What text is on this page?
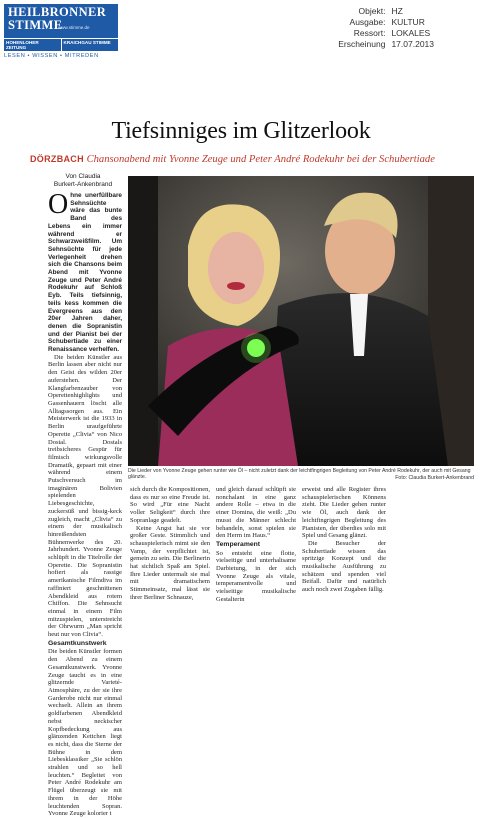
HEILBRONNER
STIMME
www.stimme.de
HOHENLOHER ZEITUNG
KRAICHGAU STIMME
LESEN • WISSEN • MITREDEN
Objekt: HZ
Ausgabe: KULTUR
Ressort: LOKALES
Erscheinung 17.07.2013
Tiefsinniges im Glitzerlook
DÖRZBACH Chansonabend mit Yvonne Zeuge und Peter André Rodekuhr bei der Schubertiade
Von Claudia
Burkert-Ankenbrand

O hne unerfüllbare Sehnsüchte wäre das bunte Band des Lebens ein immer während er Schwarzweißfilm. Um Sehnsüchte für jede Verlegenheit drehen sich die Chansons beim Abend mit Yvonne Zeuge und Peter André Rodekuhr auf Schloß Eyb. Teils tiefsinnig, teils kess kommen die Evergreens aus den 20er Jahren daher, denen die Sopranistin und der Pianist bei der Schubertiade zu einer Renaissance verhelfen.

Die beiden Künstler aus Berlin lassen aber nicht nur den Geist des wilden 20er auferstehen. Der Klangfarbenzauber von Operettenhighlights und Gassenhauern löscht alle Alltagssorgen aus. Ein Meisterwerk ist die 1933 in Berlin uraufgeführte Operette „Clivia“ von Nico Dostal. Dostals treibsicheres Gespür für filmisch wirkungsvolle Dramatik, gepaart mit einer während einem Putschversuch im imaginären Bolivien spielenden Liebesgeschichte, zuckersüß und bissig-keck zugleich, macht „Clivia“ zu einem der musikalisch hinreißendsten Bühnenwerke des 20. Jahrhundert. Yvonne Zeuge schlüpft in die Titelrolle der Operette. Die Sopranistin hofiert als rassige amerikanische Filmdiva im raffiniert geschnittenen Abendkleid aus rotem Chiffon. Die Sehnsucht einmal in einem Film mitzuspielen, unterstreicht der Ohrwurm „Man spricht heut nur von Clivia“.

Gesamtkunstwerk

Die beiden Künstler formen den Abend zu einem Gesamtkunstwerk. Yvonne Zeuge taucht es in eine glitzernde Varieté-Atmosphäre, zu der sie ihre Garderobe nicht nur einmal wechselt. Allein an ihrem goldfarbenen Abendkleid nebst neckischer Kopfbedeckung aus glänzenden Kettchen liegt es nicht, dass die Sterne der Bühne in dem Liebesklassiker „Sie schlön strahlen und so hell leuchten.“ Begleitet von Peter André Rodekuhr am Flügel überzeugt sie mit ihrem in der Höhe leuchtenden Sopran. Yvonne Zeuge kolorier t

Die Lieder von Yvonne Zeuge gehen runter wie Öl – nicht zuletzt dank der leichtfingrigen Begleitung von Peter André Rodekuhr, der auch mit Gesang glänzte.	Foto: Claudia Burkert-Ankenbrand

sich durch die Kompositionen, dass es nur so eine Freude ist. So wird „Für eine Nacht voller Seligkeit“ durch ihre Sopranlage geadelt.

Keine Angst hat sie vor großer Geste. Stimmlich und schauspielerisch mimt sie den Vamp, der verpflichtet ist, gemein zu sein. Die Berlinerin hat sichtlich Spaß am Spiel. Ihre Lieder untermalt sie mal mit dramatischem Stimmeinsatz, mal lässt sie ihrer Berliner Schnauze,

und gleich darauf schlüpft sie nonchalant in eine ganz andere Rolle – etwa in die einer Domina, die weiß: „Du musst die Männer schlecht behandeln, sonst spielen sie den Herrn im Haus.“

Temperament

So entsteht eine flotte, vielseitige und unterhaltsame Darbietung, in der sich Yvonne Zeuge als vitale, temperamentvolle und vielseitige musikalische Gestalterin

erweist und alle Register ihres schauspielerischen Könnens zieht. Die Lieder gehen runter wie Öl, auch dank der leichtfingrigen Begleitung des Pianisten, der überdies solo mit Spiel und Gesang glänzt.

Die Besucher der Schubertiade wissen das spritzige Konzept und die musikalische Ausführung zu schätzen und spenden viel Beifall. Dafür und natürlich auch noch zwei Zugaben fällig.
